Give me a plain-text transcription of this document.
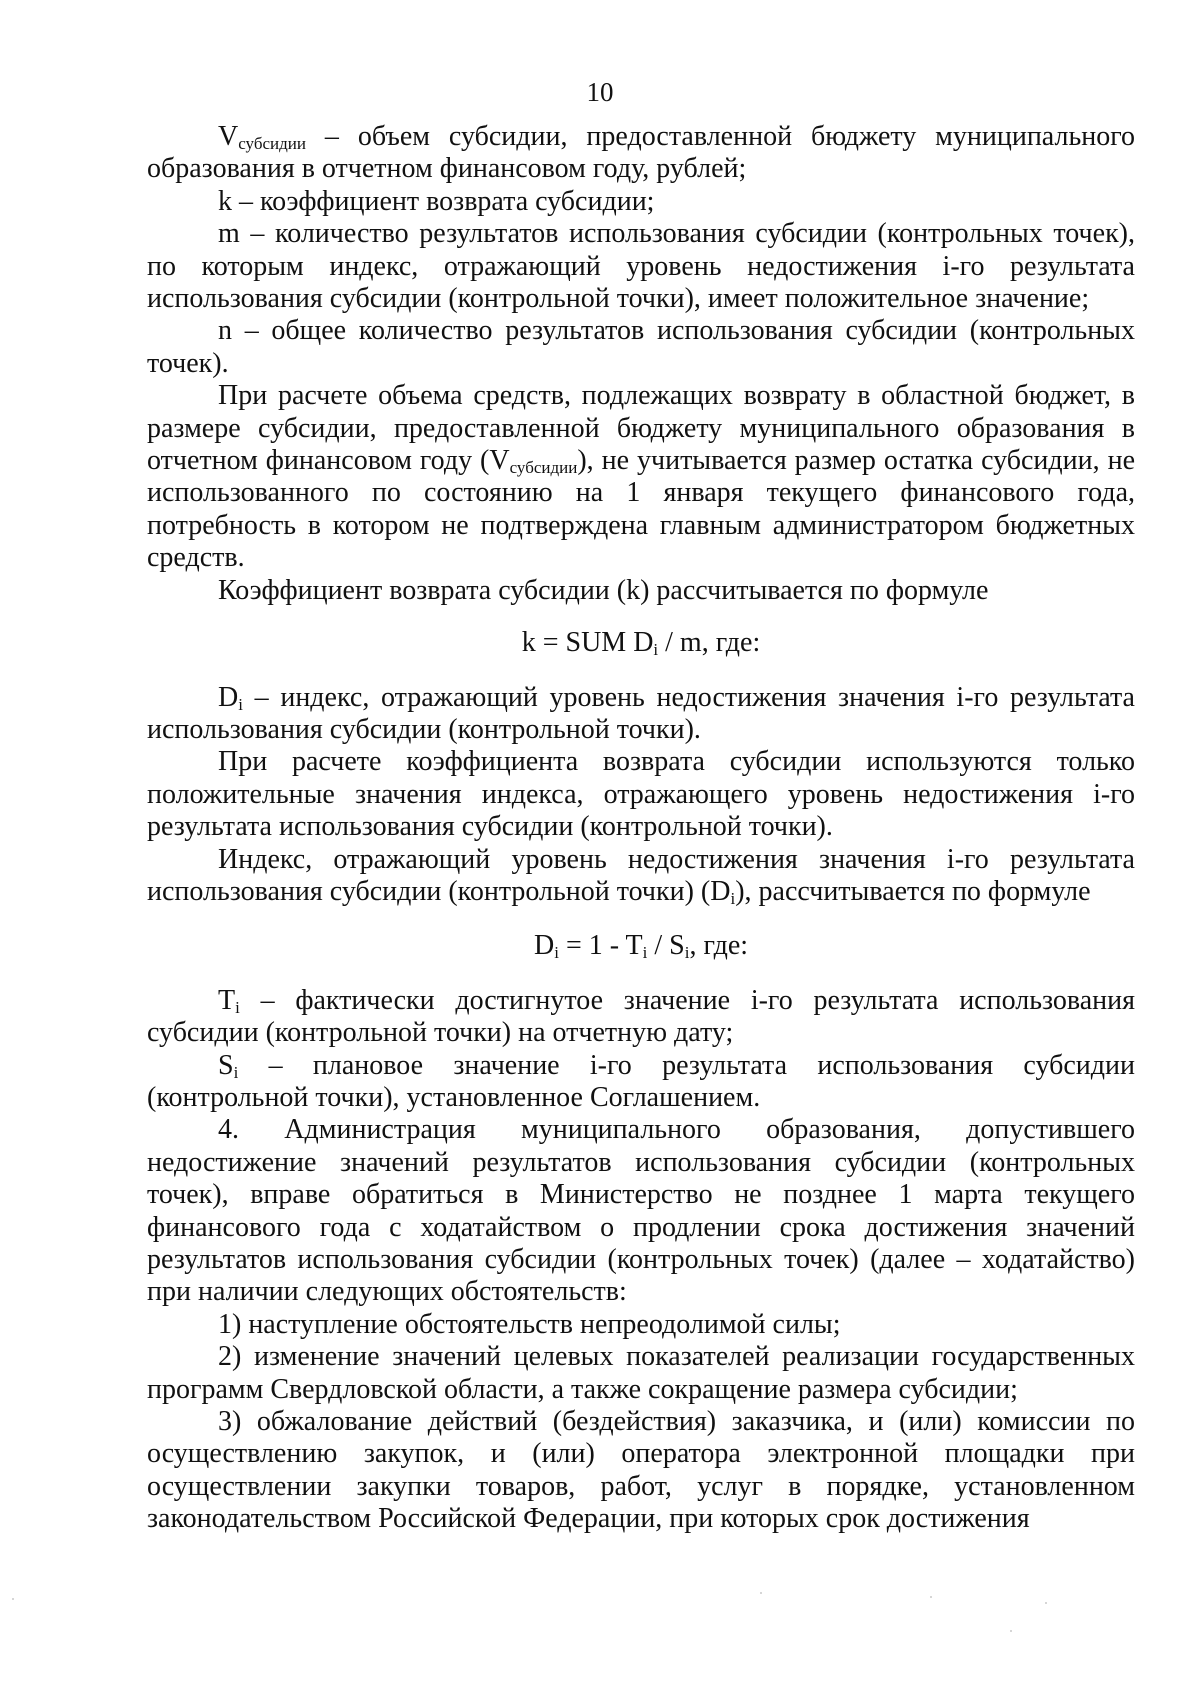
10

$V_{субсидии}$ – объем субсидии, предоставленной бюджету муниципального образования в отчетном финансовом году, рублей;

k – коэффициент возврата субсидии;

m – количество результатов использования субсидии (контрольных точек), по которым индекс, отражающий уровень недостижения i-го результата использования субсидии (контрольной точки), имеет положительное значение;

n – общее количество результатов использования субсидии (контрольных точек).

При расчете объема средств, подлежащих возврату в областной бюджет, в размере субсидии, предоставленной бюджету муниципального образования в отчетном финансовом году $(V_{субсидии})$, не учитывается размер остатка субсидии, не использованного по состоянию на 1 января текущего финансового года, потребность в котором не подтверждена главным администратором бюджетных средств.

Коэффициент возврата субсидии (k) рассчитывается по формуле

k = SUM $D_i$ / m, где:

$D_i$ – индекс, отражающий уровень недостижения значения i-го результата использования субсидии (контрольной точки).

При расчете коэффициента возврата субсидии используются только положительные значения индекса, отражающего уровень недостижения i-го результата использования субсидии (контрольной точки).

Индекс, отражающий уровень недостижения значения i-го результата использования субсидии (контрольной точки) $(D_i)$, рассчитывается по формуле

$D_i = 1 - T_i / S_i$, где:

$T_i$ – фактически достигнутое значение i-го результата использования субсидии (контрольной точки) на отчетную дату;

$S_i$ – плановое значение i-го результата использования субсидии (контрольной точки), установленное Соглашением.

4. Администрация муниципального образования, допустившего недостижение значений результатов использования субсидии (контрольных точек), вправе обратиться в Министерство не позднее 1 марта текущего финансового года с ходатайством о продлении срока достижения значений результатов использования субсидии (контрольных точек) (далее – ходатайство) при наличии следующих обстоятельств:

1) наступление обстоятельств непреодолимой силы;

2) изменение значений целевых показателей реализации государственных программ Свердловской области, а также сокращение размера субсидии;

3) обжалование действий (бездействия) заказчика, и (или) комиссии по осуществлению закупок, и (или) оператора электронной площадки при осуществлении закупки товаров, работ, услуг в порядке, установленном законодательством Российской Федерации, при которых срок достижения
